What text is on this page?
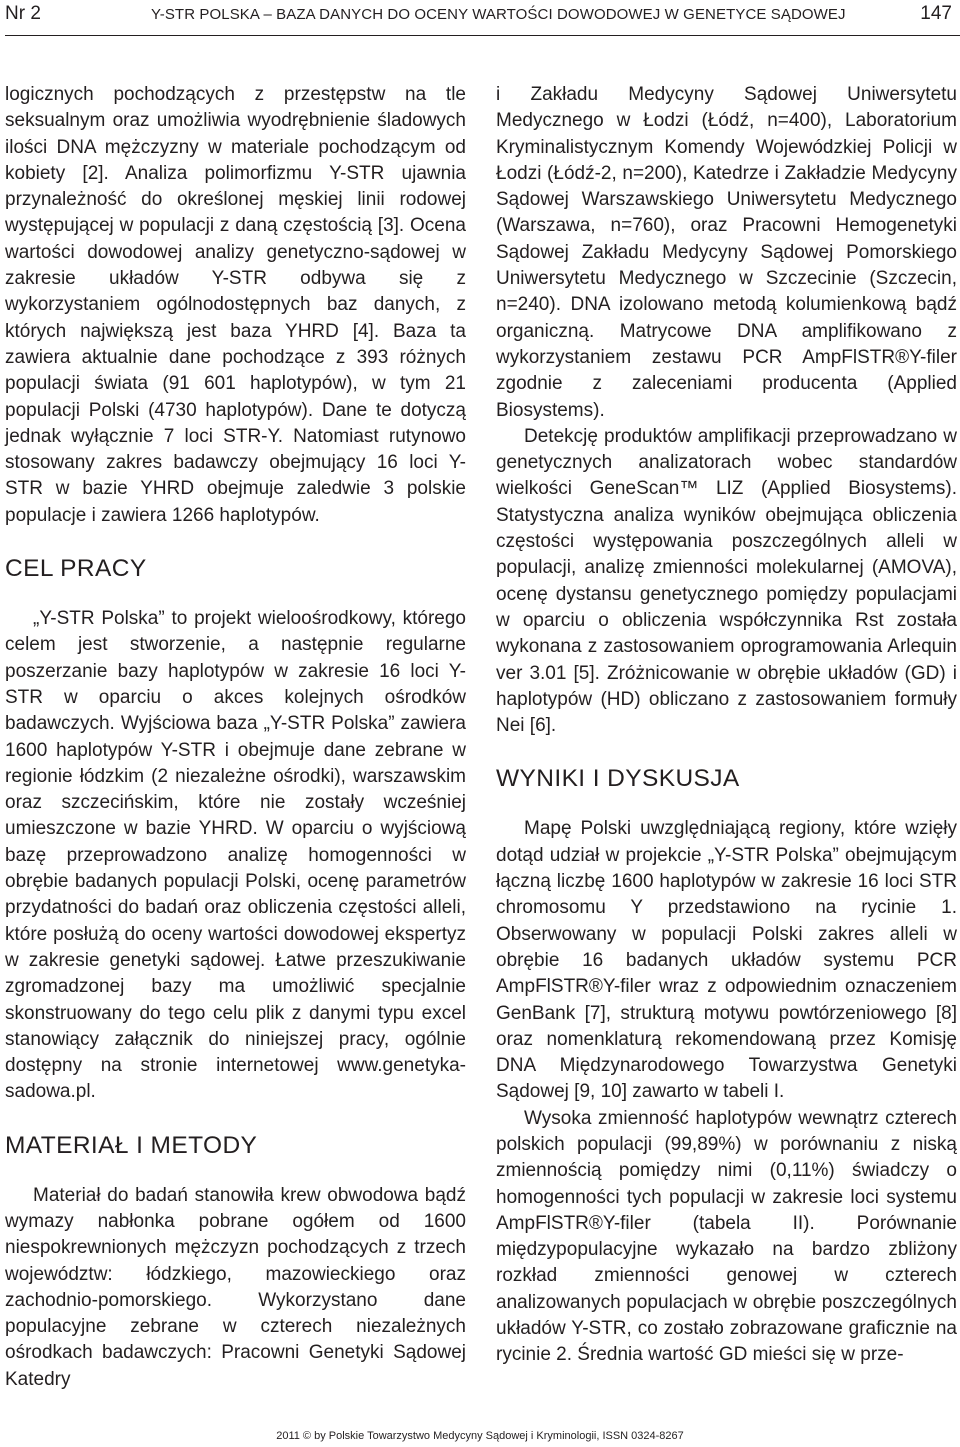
Nr 2	Y-STR POLSKA – BAZA DANYCH DO OCENY WARTOŚCI DOWODOWEJ W GENETYCE SĄDOWEJ	147

logicznych pochodzących z przestępstw na tle seksualnym oraz umożliwia wyodrębnienie śladowych ilości DNA mężczyzny w materiale pochodzącym od kobiety [2]. Analiza polimorfizmu Y-STR ujawnia przynależność do określonej męskiej linii rodowej występującej w populacji z daną częstością [3]. Ocena wartości dowodowej analizy genetyczno-sądowej w zakresie układów Y-STR odbywa się z wykorzystaniem ogólnodostępnych baz danych, z których największą jest baza YHRD [4]. Baza ta zawiera aktualnie dane pochodzące z 393 różnych populacji świata (91 601 haplotypów), w tym 21 populacji Polski (4730 haplotypów). Dane te dotyczą jednak wyłącznie 7 loci STR-Y. Natomiast rutynowo stosowany zakres badawczy obejmujący 16 loci Y-STR w bazie YHRD obejmuje zaledwie 3 polskie populacje i zawiera 1266 haplotypów.

CEL PRACY

„Y-STR Polska” to projekt wieloośrodkowy, którego celem jest stworzenie, a następnie regularne poszerzanie bazy haplotypów w zakresie 16 loci Y-STR w oparciu o akces kolejnych ośrodków badawczych. Wyjściowa baza „Y-STR Polska” zawiera 1600 haplotypów Y-STR i obejmuje dane zebrane w regionie łódzkim (2 niezależne ośrodki), warszawskim oraz szczecińskim, które nie zostały wcześniej umieszczone w bazie YHRD. W oparciu o wyjściową bazę przeprowadzono analizę homogenności w obrębie badanych populacji Polski, ocenę parametrów przydatności do badań oraz obliczenia częstości alleli, które posłużą do oceny wartości dowodowej ekspertyz w zakresie genetyki sądowej. Łatwe przeszukiwanie zgromadzonej bazy ma umożliwić specjalnie skonstruowany do tego celu plik z danymi typu excel stanowiący załącznik do niniejszej pracy, ogólnie dostępny na stronie internetowej www.genetyka-sadowa.pl.

MATERIAŁ I METODY

Materiał do badań stanowiła krew obwodowa bądź wymazy nabłonka pobrane ogółem od 1600 niespokrewnionych mężczyzn pochodzących z trzech województw: łódzkiego, mazowieckiego oraz zachodnio-pomorskiego. Wykorzystano dane populacyjne zebrane w czterech niezależnych ośrodkach badawczych: Pracowni Genetyki Sądowej Katedry

i Zakładu Medycyny Sądowej Uniwersytetu Medycznego w Łodzi (Łódź, n=400), Laboratorium Kryminalistycznym Komendy Wojewódzkiej Policji w Łodzi (Łódź-2, n=200), Katedrze i Zakładzie Medycyny Sądowej Warszawskiego Uniwersytetu Medycznego (Warszawa, n=760), oraz Pracowni Hemogenetyki Sądowej Zakładu Medycyny Sądowej Pomorskiego Uniwersytetu Medycznego w Szczecinie (Szczecin, n=240). DNA izolowano metodą kolumienkową bądź organiczną. Matrycowe DNA amplifikowano z wykorzystaniem zestawu PCR AmpFlSTR®Y-filer zgodnie z zaleceniami producenta (Applied Biosystems).

Detekcję produktów amplifikacji przeprowadzano w genetycznych analizatorach wobec standardów wielkości GeneScan™ LIZ (Applied Biosystems). Statystyczna analiza wyników obejmująca obliczenia częstości występowania poszczególnych alleli w populacji, analizę zmienności molekularnej (AMOVA), ocenę dystansu genetycznego pomiędzy populacjami w oparciu o obliczenia współczynnika Rst została wykonana z zastosowaniem oprogramowania Arlequin ver 3.01 [5]. Zróżnicowanie w obrębie układów (GD) i haplotypów (HD) obliczano z zastosowaniem formuły Nei [6].

WYNIKI I DYSKUSJA

Mapę Polski uwzględniającą regiony, które wzięły dotąd udział w projekcie „Y-STR Polska” obejmującym łączną liczbę 1600 haplotypów w zakresie 16 loci STR chromosomu Y przedstawiono na rycinie 1. Obserwowany w populacji Polski zakres alleli w obrębie 16 badanych układów systemu PCR AmpFlSTR®Y-filer wraz z odpowiednim oznaczeniem GenBank [7], strukturą motywu powtórzeniowego [8] oraz nomenklaturą rekomendowaną przez Komisję DNA Międzynarodowego Towarzystwa Genetyki Sądowej [9, 10] zawarto w tabeli I.

Wysoka zmienność haplotypów wewnątrz czterech polskich populacji (99,89%) w porównaniu z niską zmiennością pomiędzy nimi (0,11%) świadczy o homogenności tych populacji w zakresie loci systemu AmpFlSTR®Y-filer (tabela II). Porównanie międzypopulacyjne wykazało na bardzo zbliżony rozkład zmienności genowej w czterech analizowanych populacjach w obrębie poszczególnych układów Y-STR, co zostało zobrazowane graficznie na rycinie 2. Średnia wartość GD mieści się w prze-

2011 © by Polskie Towarzystwo Medycyny Sądowej i Kryminologii, ISSN 0324-8267
